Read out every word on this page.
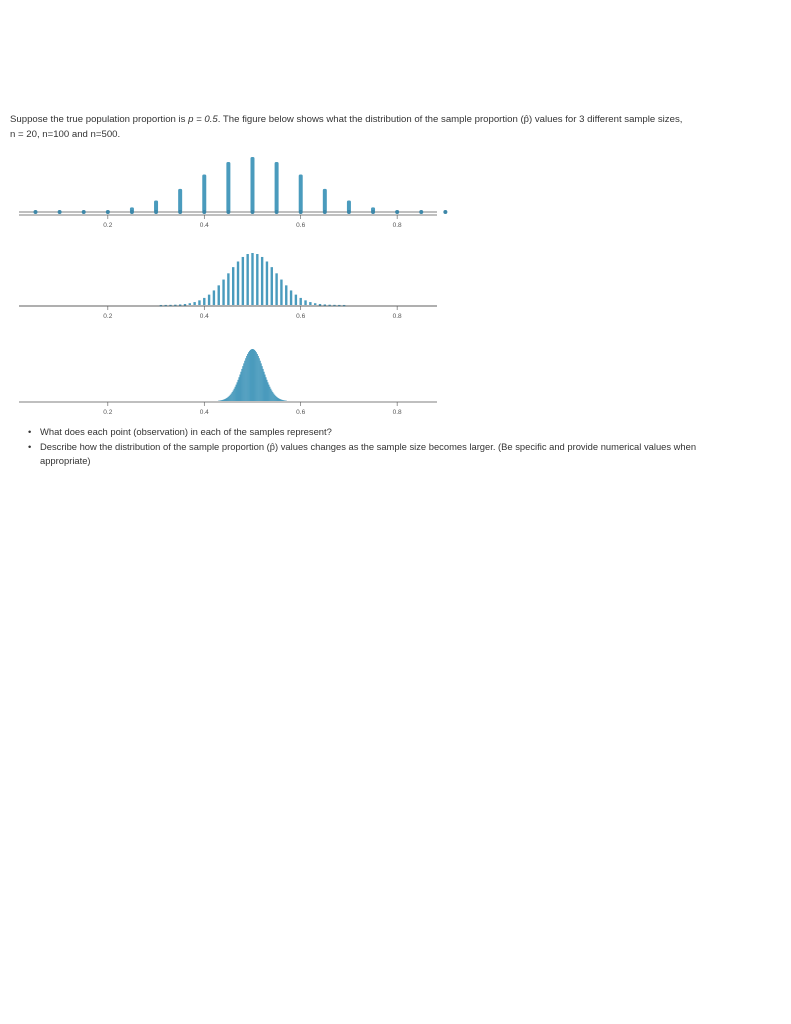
Suppose the true population proportion is p = 0.5. The figure below shows what the distribution of the sample proportion (p̂) values for 3 different sample sizes, n = 20, n=100 and n=500.
0.2	0.4	0.6	0.8
0.2	0.4	0.6	0.8
0.2	0.4	0.6	0.8
• What does each point (observation) in each of the samples represent?
• Describe how the distribution of the sample proportion (p̂) values changes as the sample size becomes larger. (Be specific and provide numerical values when appropriate)
